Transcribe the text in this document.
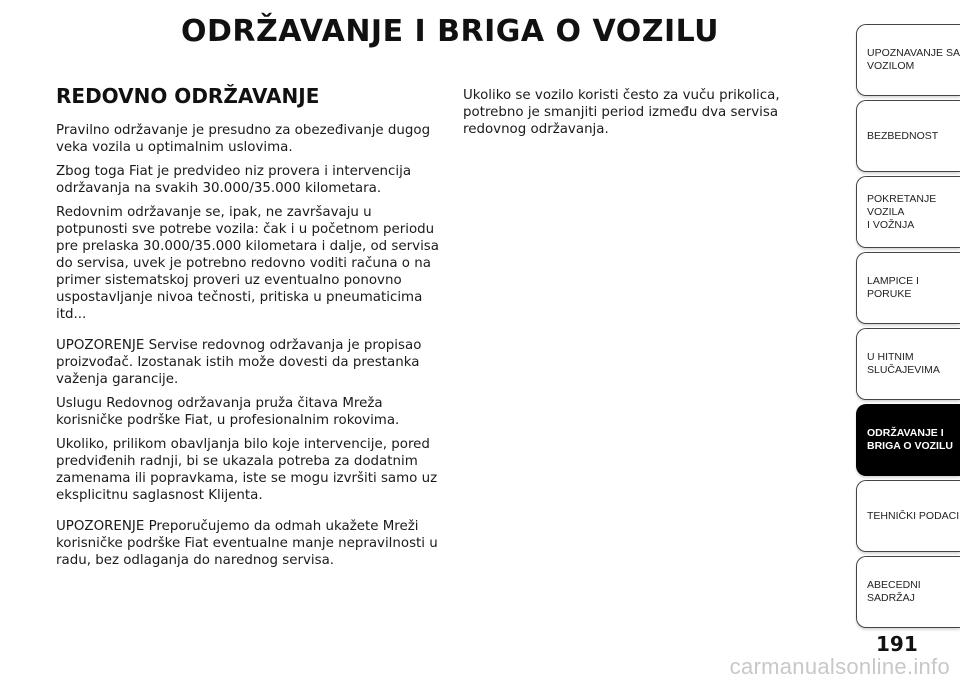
ODRŽAVANJE I BRIGA O VOZILU
REDOVNO ODRŽAVANJE

Pravilno održavanje je presudno za obezeđivanje dugog veka vozila u optimalnim uslovima.

Zbog toga Fiat je predvideo niz provera i intervencija održavanja na svakih 30.000/35.000 kilometara.

Redovnim održavanje se, ipak, ne završavaju u potpunosti sve potrebe vozila: čak i u početnom periodu pre prelaska 30.000/35.000 kilometara i dalje, od servisa do servisa, uvek je potrebno redovno voditi računa o na primer sistematskoj proveri uz eventualno ponovno uspostavljanje nivoa tečnosti, pritiska u pneumaticima itd...

UPOZORENJE Servise redovnog održavanja je propisao proizvođač. Izostanak istih može dovesti da prestanka važenja garancije.

Uslugu Redovnog održavanja pruža čitava Mreža korisničke podrške Fiat, u profesionalnim rokovima.

Ukoliko, prilikom obavljanja bilo koje intervencije, pored predviđenih radnji, bi se ukazala potreba za dodatnim zamenama ili popravkama, iste se mogu izvršiti samo uz eksplicitnu saglasnost Klijenta.

UPOZORENJE Preporučujemo da odmah ukažete Mreži korisničke podrške Fiat eventualne manje nepravilnosti u radu, bez odlaganja do narednog servisa.

Ukoliko se vozilo koristi često za vuču prikolica, potrebno je smanjiti period između dva servisa redovnog održavanja.

UPOZNAVANJE SA
VOZILOM
BEZBEDNOST
POKRETANJE VOZILA
I VOŽNJA
LAMPICE I PORUKE
U HITNIM
SLUČAJEVIMA
ODRŽAVANJE I
BRIGA O VOZILU
TEHNIČKI PODACI
ABECEDNI SADRŽAJ
191
carmanualsonline.info
